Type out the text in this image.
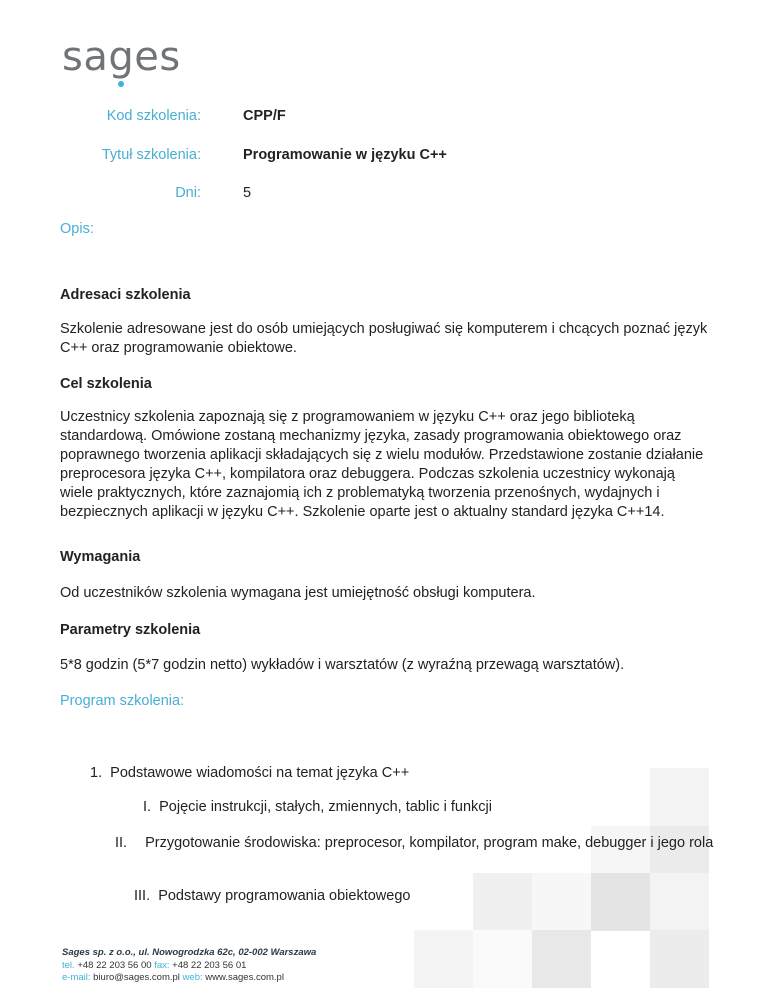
sag
es
Kod szkolenia:	CPP/F
Tytuł szkolenia:	Programowanie w języku C++
Dni:	5
Opis:
Adresaci szkolenia
Szkolenie adresowane jest do osób umiejących posługiwać się komputerem i chcących poznać język C++ oraz programowanie obiektowe.
Cel szkolenia
Uczestnicy szkolenia zapoznają się z programowaniem w języku C++ oraz jego biblioteką standardową. Omówione zostaną mechanizmy języka, zasady programowania obiektowego oraz poprawnego tworzenia aplikacji składających się z wielu modułów. Przedstawione zostanie działanie preprocesora języka C++, kompilatora oraz debuggera. Podczas szkolenia uczestnicy wykonają wiele praktycznych, które zaznajomią ich z problematyką tworzenia przenośnych, wydajnych i bezpiecznych aplikacji w języku C++. Szkolenie oparte jest o aktualny standard języka C++14.
Wymagania
Od uczestników szkolenia wymagana jest umiejętność obsługi komputera.
Parametry szkolenia
5*8 godzin (5*7 godzin netto) wykładów i warsztatów (z wyraźną przewagą warsztatów).
Program szkolenia:
1. Podstawowe wiadomości na temat języka C++
I. Pojęcie instrukcji, stałych, zmiennych, tablic i funkcji
II. Przygotowanie środowiska: preprocesor, kompilator, program make, debugger i jego rola
III. Podstawy programowania obiektowego
Sages sp. z o.o., ul. Nowogrodzka 62c, 02-002 Warszawa
tel. +48 22 203 56 00 fax: +48 22 203 56 01
e-mail: biuro@sages.com.pl web: www.sages.com.pl
